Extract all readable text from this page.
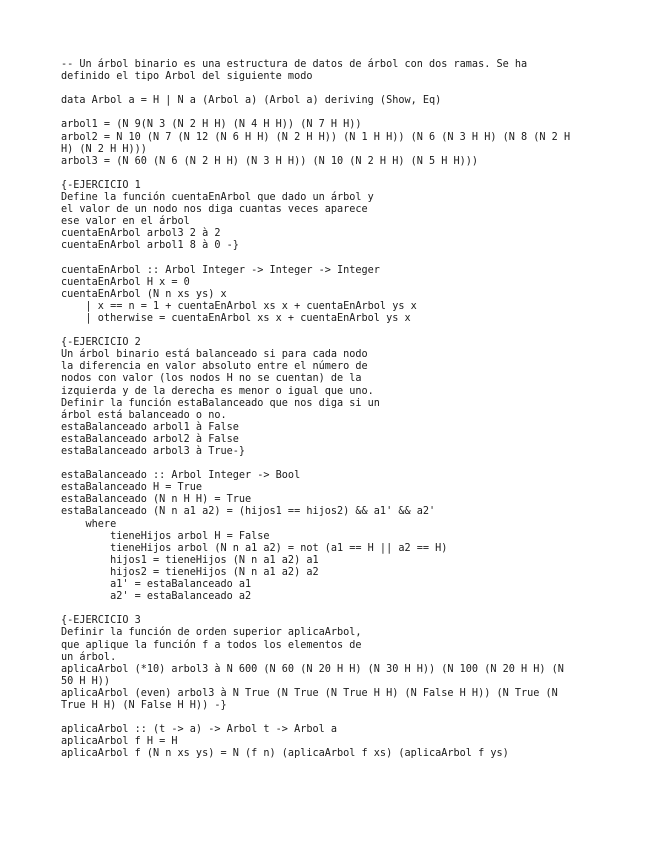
-- Un árbol binario es una estructura de datos de árbol con dos ramas. Se ha
definido el tipo Arbol del siguiente modo
data Arbol a = H | N a (Arbol a) (Arbol a) deriving (Show, Eq)
arbol1 = (N 9(N 3 (N 2 H H) (N 4 H H)) (N 7 H H))
arbol2 = N 10 (N 7 (N 12 (N 6 H H) (N 2 H H)) (N 1 H H)) (N 6 (N 3 H H) (N 8 (N 2 H
H) (N 2 H H)))
arbol3 = (N 60 (N 6 (N 2 H H) (N 3 H H)) (N 10 (N 2 H H) (N 5 H H)))
{-EJERCICIO 1
Define la función cuentaEnArbol que dado un árbol y
el valor de un nodo nos diga cuantas veces aparece
ese valor en el árbol
cuentaEnArbol arbol3 2 à 2
cuentaEnArbol arbol1 8 à 0 -}
cuentaEnArbol :: Arbol Integer -> Integer -> Integer
cuentaEnArbol H x = 0
cuentaEnArbol (N n xs ys) x
| x == n = 1 + cuentaEnArbol xs x + cuentaEnArbol ys x
| otherwise = cuentaEnArbol xs x + cuentaEnArbol ys x
{-EJERCICIO 2
Un árbol binario está balanceado si para cada nodo
la diferencia en valor absoluto entre el número de
nodos con valor (los nodos H no se cuentan) de la
izquierda y de la derecha es menor o igual que uno.
Definir la función estaBalanceado que nos diga si un
árbol está balanceado o no.
estaBalanceado arbol1 à False
estaBalanceado arbol2 à False
estaBalanceado arbol3 à True-}
estaBalanceado :: Arbol Integer -> Bool
estaBalanceado H = True
estaBalanceado (N n H H) = True
estaBalanceado (N n a1 a2) = (hijos1 == hijos2) && a1' && a2'
where
tieneHijos arbol H = False
tieneHijos arbol (N n a1 a2) = not (a1 == H || a2 == H)
hijos1 = tieneHijos (N n a1 a2) a1
hijos2 = tieneHijos (N n a1 a2) a2
a1' = estaBalanceado a1
a2' = estaBalanceado a2
{-EJERCICIO 3
Definir la función de orden superior aplicaArbol,
que aplique la función f a todos los elementos de
un árbol.
aplicaArbol (*10) arbol3 à N 600 (N 60 (N 20 H H) (N 30 H H)) (N 100 (N 20 H H) (N
50 H H))
aplicaArbol (even) arbol3 à N True (N True (N True H H) (N False H H)) (N True (N
True H H) (N False H H)) -}
aplicaArbol :: (t -> a) -> Arbol t -> Arbol a
aplicaArbol f H = H
aplicaArbol f (N n xs ys) = N (f n) (aplicaArbol f xs) (aplicaArbol f ys)
